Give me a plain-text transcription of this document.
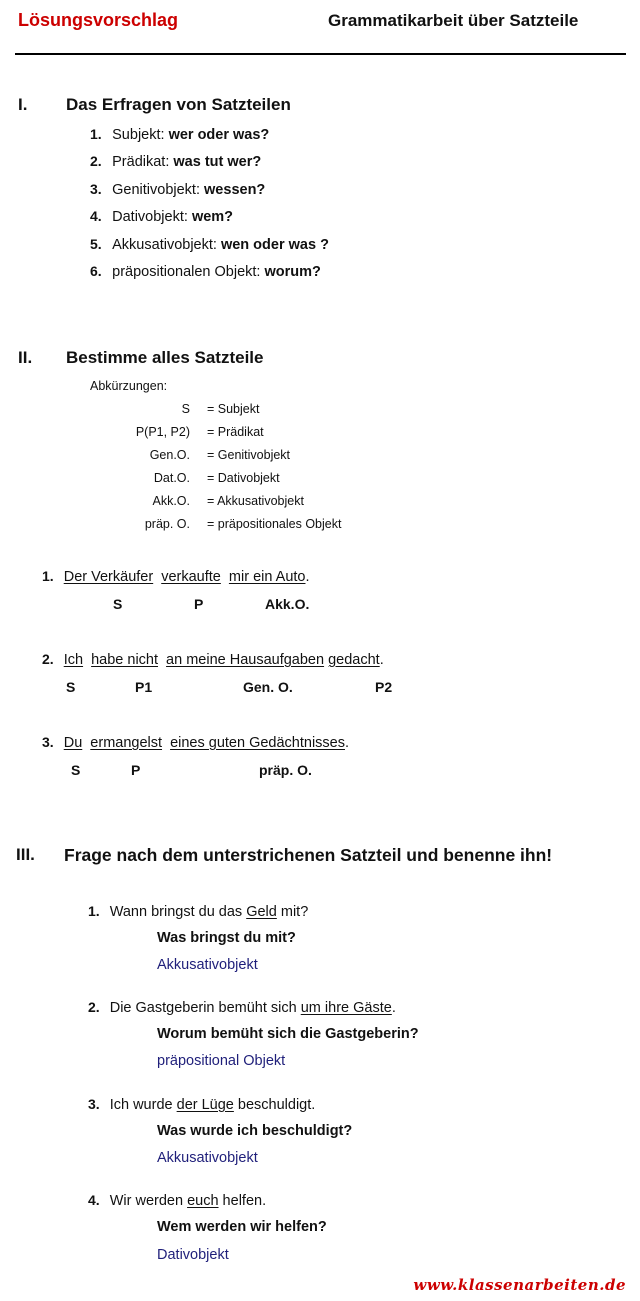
Lösungsvorschlag	Grammatikarbeit über Satzteile
I. Das Erfragen von Satzteilen
1. Subjekt: wer oder was?
2. Prädikat: was tut wer?
3. Genitivobjekt: wessen?
4. Dativobjekt: wem?
5. Akkusativobjekt: wen oder was ?
6. präpositionalen Objekt: worum?
II. Bestimme alles Satzteile
Abkürzungen:
S = Subjekt
P(P1, P2) = Prädikat
Gen.O. = Genitivobjekt
Dat.O. = Dativobjekt
Akk.O. = Akkusativobjekt
präp. O. = präpositionales Objekt
1. Der Verkäufer verkaufte mir ein Auto.
S	P	Akk.O.
2. Ich habe nicht an meine Hausaufgaben gedacht.
S	P1	Gen. O.	P2
3. Du ermangelst eines guten Gedächtnisses.
S	P	präp. O.
III. Frage nach dem unterstrichenen Satzteil und benenne ihn!
1. Wann bringst du das Geld mit?
Was bringst du mit?
Akkusativobjekt
2. Die Gastgeberin bemüht sich um ihre Gäste.
Worum bemüht sich die Gastgeberin?
präpositional Objekt
3. Ich wurde der Lüge beschuldigt.
Was wurde ich beschuldigt?
Akkusativobjekt
4. Wir werden euch helfen.
Wem werden wir helfen?
Dativobjekt
www.klassenarbeiten.de
